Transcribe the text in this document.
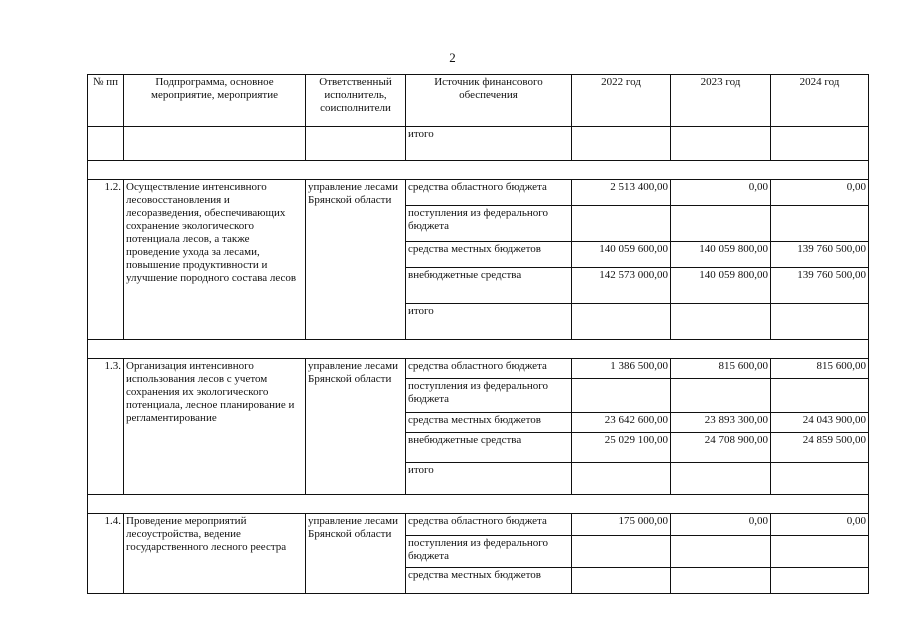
2
№ пп	Подпрограмма, основное мероприятие, мероприятие	Ответственный исполнитель, соисполнители	Источник финансового обеспечения	2022 год	2023 год	2024 год
			итого			

1.2.	Осуществление интенсивного лесовосстановления и лесоразведения, обеспечивающих сохранение экологического потенциала лесов, а также проведение ухода за лесами, повышение продуктивности и улучшение породного состава лесов	управление лесами Брянской области	средства областного бюджета	2 513 400,00	0,00	0,00
			поступления из федерального бюджета			
			средства местных бюджетов	140 059 600,00	140 059 800,00	139 760 500,00
			внебюджетные средства	142 573 000,00	140 059 800,00	139 760 500,00
			итого			

1.3.	Организация интенсивного использования лесов с учетом сохранения их экологического потенциала, лесное планирование и регламентирование	управление лесами Брянской области	средства областного бюджета	1 386 500,00	815 600,00	815 600,00
			поступления из федерального бюджета			
			средства местных бюджетов	23 642 600,00	23 893 300,00	24 043 900,00
			внебюджетные средства	25 029 100,00	24 708 900,00	24 859 500,00
			итого			

1.4.	Проведение мероприятий лесоустройства, ведение государственного лесного реестра	управление лесами Брянской области	средства областного бюджета	175 000,00	0,00	0,00
			поступления из федерального бюджета			
			средства местных бюджетов			
